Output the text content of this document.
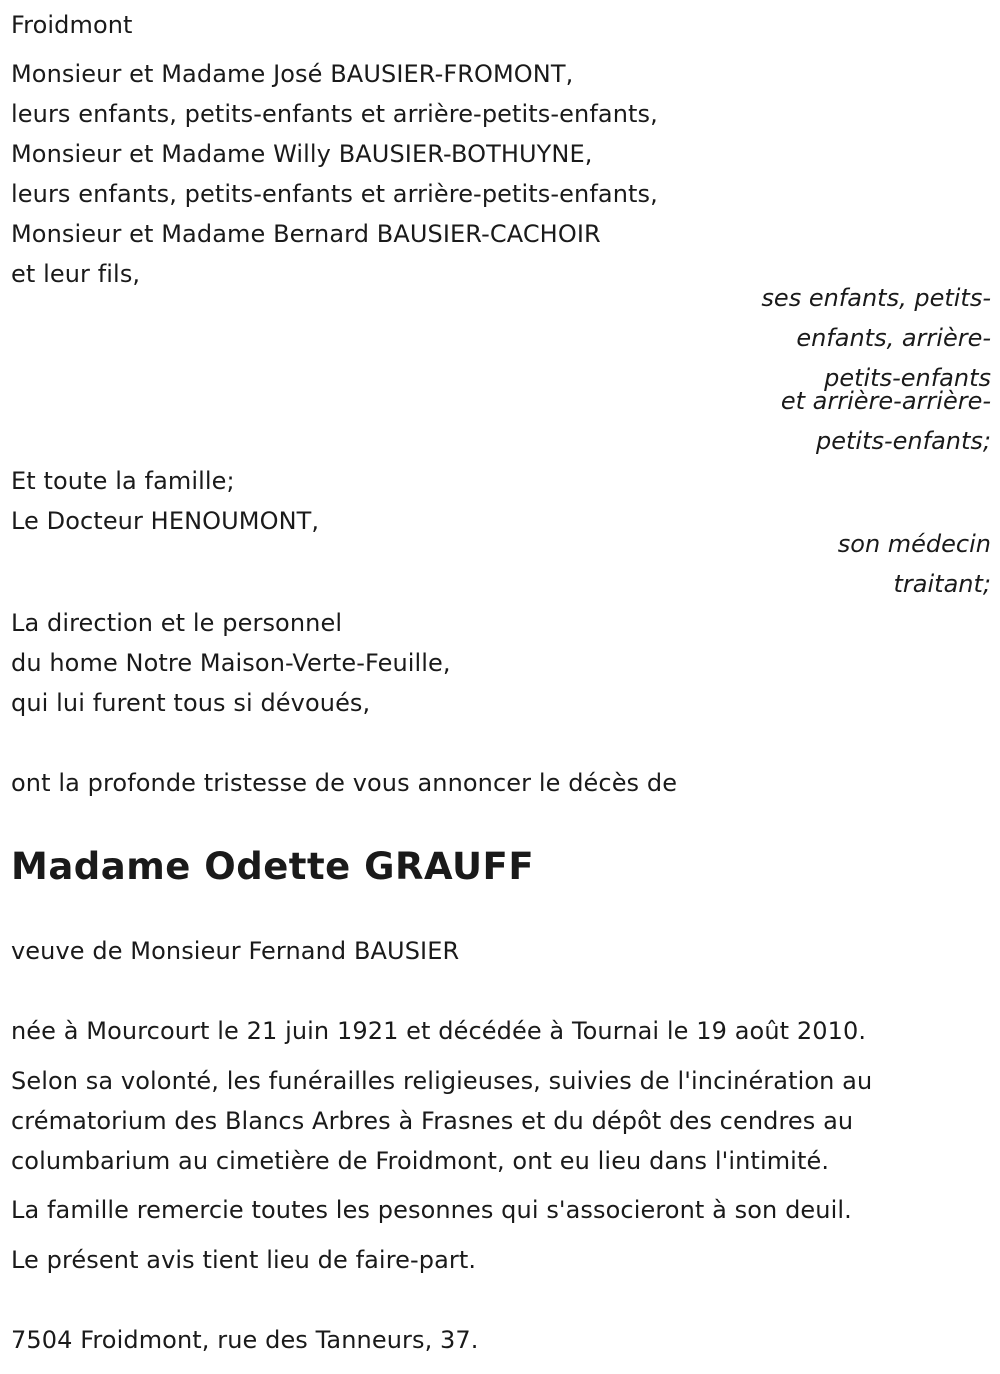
Froidmont
Monsieur et Madame José BAUSIER-FROMONT,
leurs enfants, petits-enfants et arrière-petits-enfants,
Monsieur et Madame Willy BAUSIER-BOTHUYNE,
leurs enfants, petits-enfants et arrière-petits-enfants,
Monsieur et Madame Bernard BAUSIER-CACHOIR
et leur fils,
ses enfants, petits-
enfants, arrière-
petits-enfants
et arrière-arrière-
petits-enfants;
Et toute la famille;
Le Docteur HENOUMONT,
son médecin
traitant;
La direction et le personnel
du home Notre Maison-Verte-Feuille,
qui lui furent tous si dévoués,
ont la profonde tristesse de vous annoncer le décès de
Madame Odette GRAUFF
veuve de Monsieur Fernand BAUSIER
née à Mourcourt le 21 juin 1921 et décédée à Tournai le 19 août 2010.
Selon sa volonté, les funérailles religieuses, suivies de l'incinération au
crématorium des Blancs Arbres à Frasnes et du dépôt des cendres au
columbarium au cimetière de Froidmont, ont eu lieu dans l'intimité.
La famille remercie toutes les pesonnes qui s'associeront à son deuil.
Le présent avis tient lieu de faire-part.
7504 Froidmont, rue des Tanneurs, 37.
